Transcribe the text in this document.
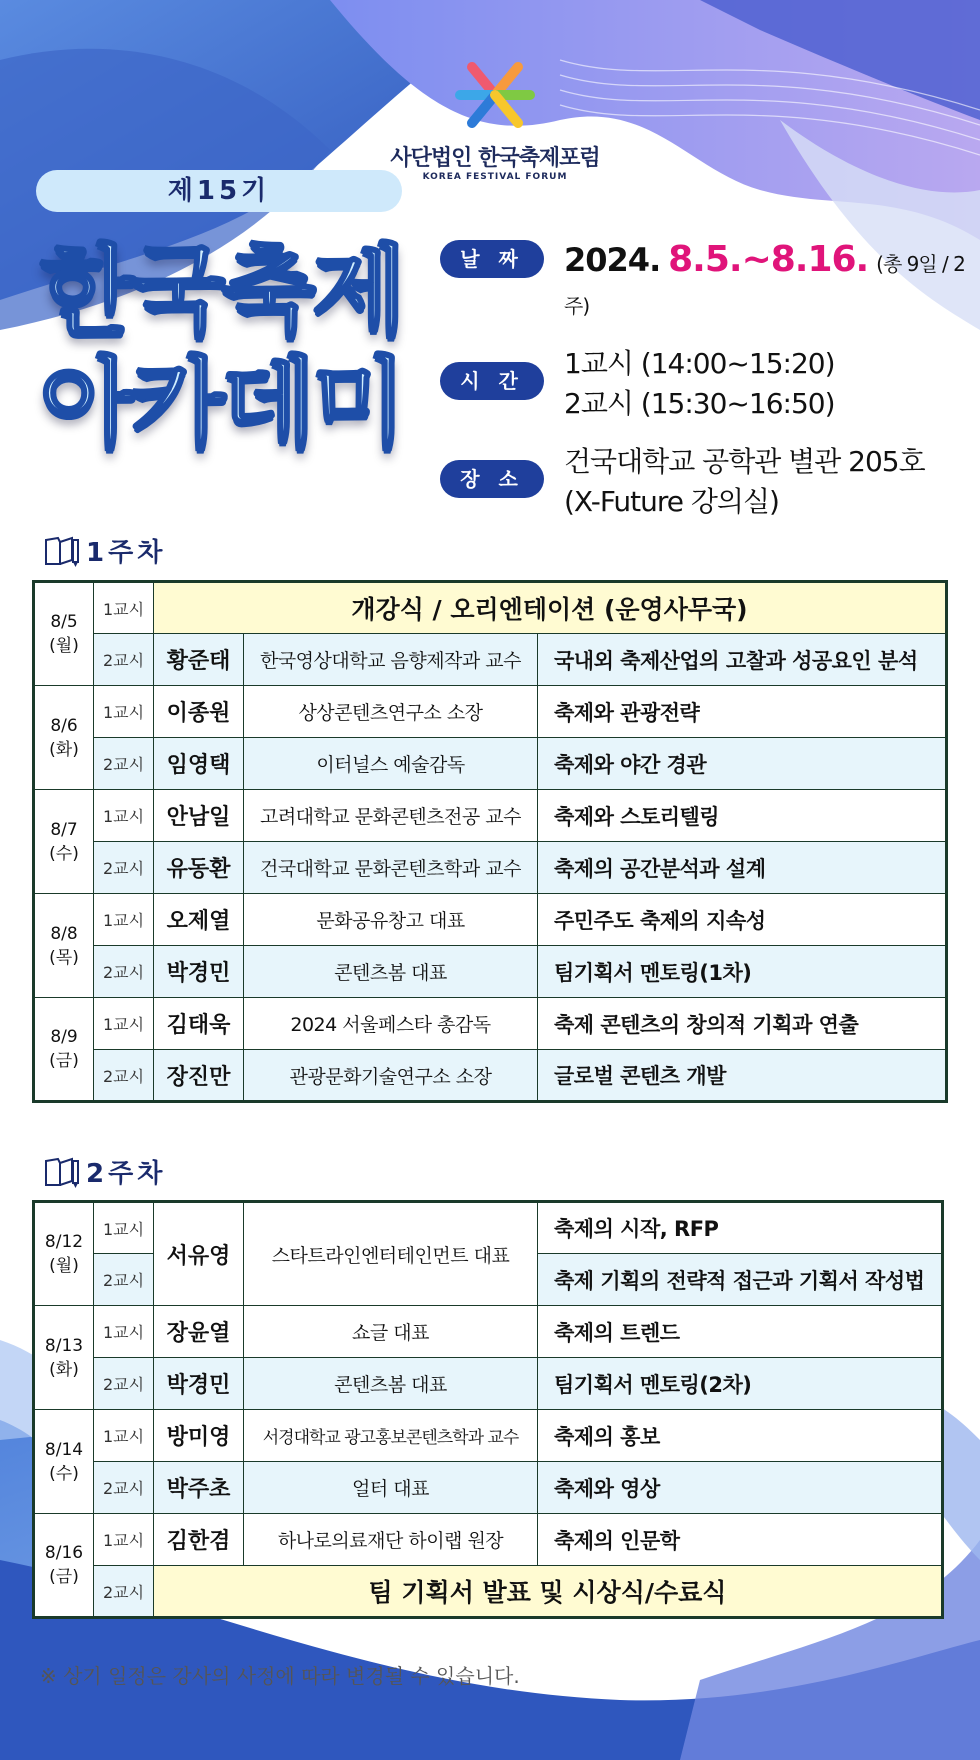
사단법인 한국축제포럼
KOREA FESTIVAL FORUM
제15기
한국축제
아카데미
날 짜	2024. 8.5.~8.16. (총 9일 / 2주)
시 간
1교시 (14:00~15:20)
2교시 (15:30~16:50)
장 소
건국대학교 공학관 별관 205호
(X-Future 강의실)
1주차
8/5
(월)	1교시	개강식 / 오리엔테이션 (운영사무국)		
	2교시	황준태	한국영상대학교 음향제작과 교수	국내외 축제산업의 고찰과 성공요인 분석
8/6
(화)	1교시	이종원	상상콘텐츠연구소 소장	축제와 관광전략
	2교시	임영택	이터널스 예술감독	축제와 야간 경관
8/7
(수)	1교시	안남일	고려대학교 문화콘텐츠전공 교수	축제와 스토리텔링
	2교시	유동환	건국대학교 문화콘텐츠학과 교수	축제의 공간분석과 설계
8/8
(목)	1교시	오제열	문화공유창고 대표	주민주도 축제의 지속성
	2교시	박경민	콘텐츠봄 대표	팀기획서 멘토링(1차)
8/9
(금)	1교시	김태욱	2024 서울페스타 총감독	축제 콘텐츠의 창의적 기획과 연출
	2교시	장진만	관광문화기술연구소 소장	글로벌 콘텐츠 개발
2주차
8/12
(월)	1교시	서유영	스타트라인엔터테인먼트 대표	축제의 시작, RFP
	2교시			축제 기획의 전략적 접근과 기획서 작성법
8/13
(화)	1교시	장윤열	쇼글 대표	축제의 트렌드
	2교시	박경민	콘텐츠봄 대표	팀기획서 멘토링(2차)
8/14
(수)	1교시	방미영	서경대학교 광고홍보콘텐츠학과 교수	축제의 홍보
	2교시	박주초	얼터 대표	축제와 영상
8/16
(금)	1교시	김한겸	하나로의료재단 하이랩 원장	축제의 인문학
	2교시	팀 기획서 발표 및 시상식/수료식		
※ 상기 일정은 강사의 사정에 따라 변경될 수 있습니다.
